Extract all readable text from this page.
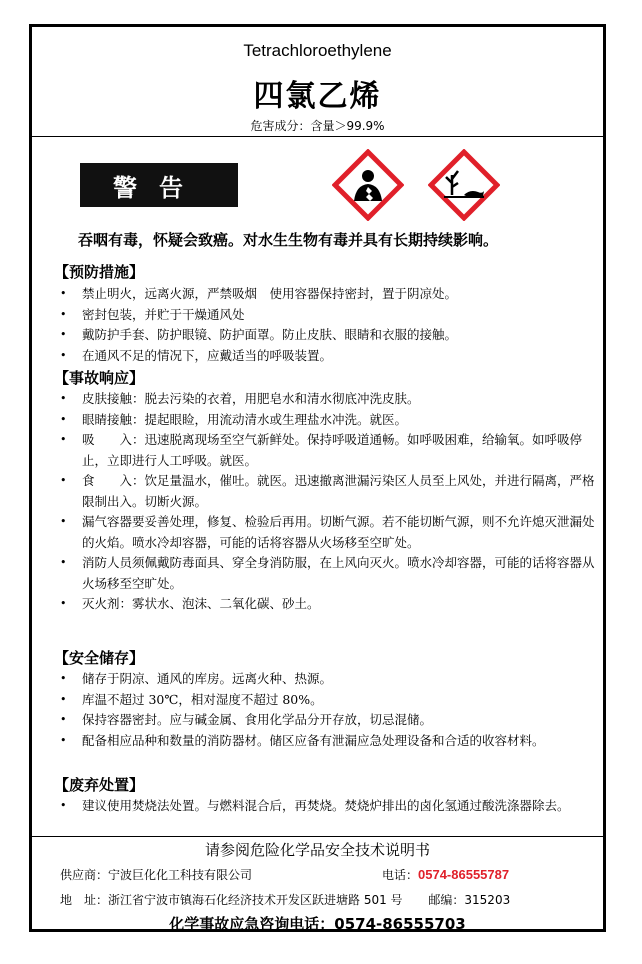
Tetrachloroethylene
四氯乙烯
危害成分：含量＞99.9%
警告
吞咽有毒，怀疑会致癌。对水生生物有毒并具有长期持续影响。
【预防措施】
• 禁止明火，远离火源，严禁吸烟　使用容器保持密封，置于阴凉处。
• 密封包装，并贮于干燥通风处
• 戴防护手套、防护眼镜、防护面罩。防止皮肤、眼睛和衣服的接触。
• 在通风不足的情况下，应戴适当的呼吸装置。
【事故响应】
• 皮肤接触：脱去污染的衣着，用肥皂水和清水彻底冲洗皮肤。
• 眼睛接触：提起眼睑，用流动清水或生理盐水冲洗。就医。
• 吸　　入：迅速脱离现场至空气新鲜处。保持呼吸道通畅。如呼吸困难，给输氧。如呼吸停止，立即进行人工呼吸。就医。
• 食　　入：饮足量温水，催吐。就医。迅速撤离泄漏污染区人员至上风处，并进行隔离，严格限制出入。切断火源。
• 漏气容器要妥善处理，修复、检验后再用。切断气源。若不能切断气源，则不允许熄灭泄漏处的火焰。喷水冷却容器，可能的话将容器从火场移至空旷处。
• 消防人员须佩戴防毒面具、穿全身消防服，在上风向灭火。喷水冷却容器，可能的话将容器从火场移至空旷处。
• 灭火剂：雾状水、泡沫、二氧化碳、砂土。
【安全储存】
• 储存于阴凉、通风的库房。远离火种、热源。
• 库温不超过 30℃，相对湿度不超过 80%。
• 保持容器密封。应与碱金属、食用化学品分开存放，切忌混储。
• 配备相应品种和数量的消防器材。储区应备有泄漏应急处理设备和合适的收容材料。
【废弃处置】
• 建议使用焚烧法处置。与燃料混合后，再焚烧。焚烧炉排出的卤化氢通过酸洗涤器除去。
请参阅危险化学品安全技术说明书
供应商：宁波巨化化工科技有限公司	电话：0574-86555787
地　址：浙江省宁波市镇海石化经济技术开发区跃进塘路 501 号 邮编：315203
化学事故应急咨询电话：0574-86555703
